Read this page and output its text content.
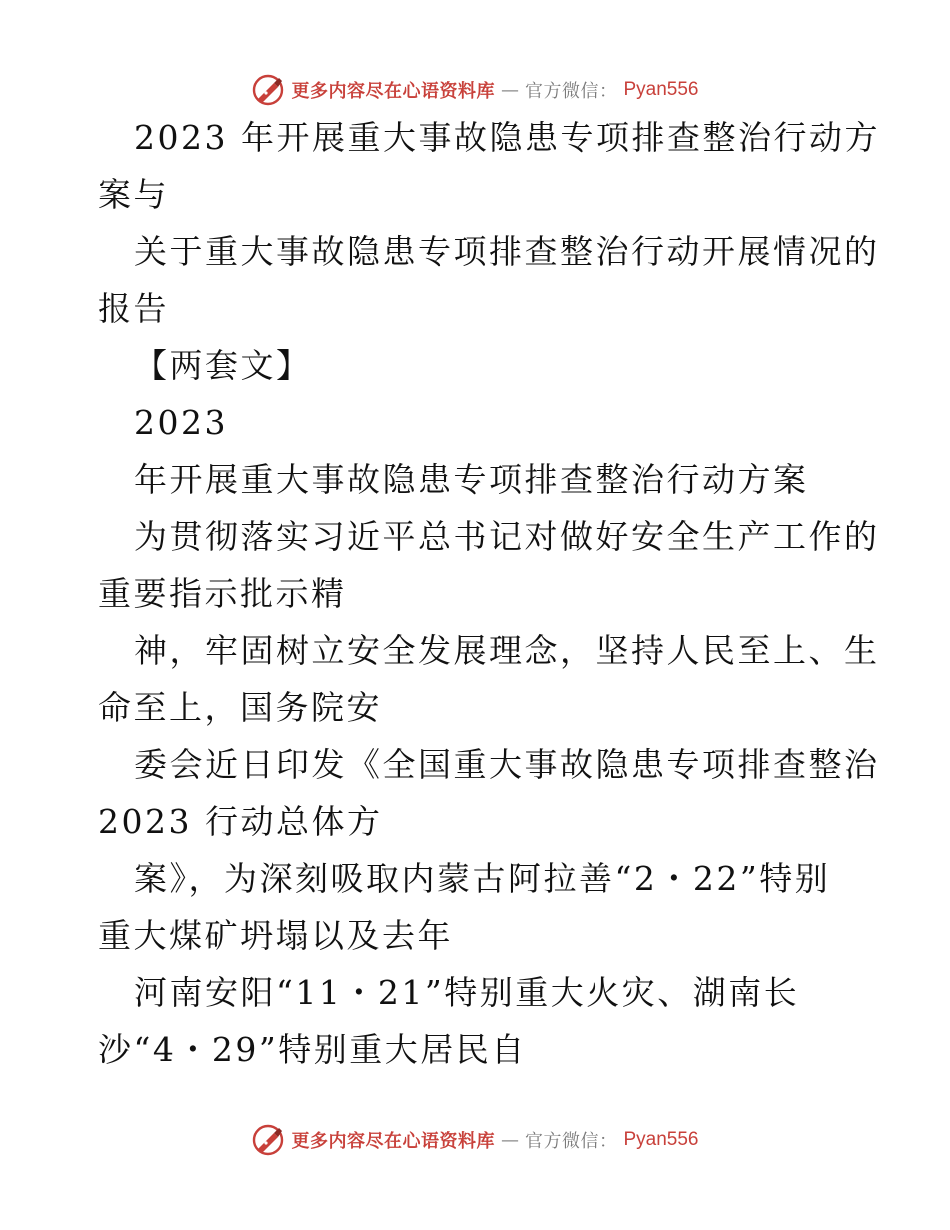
更多内容尽在心语资料库 — 官方微信： Pyan556
2023 年开展重大事故隐患专项排查整治行动方
案与
关于重大事故隐患专项排查整治行动开展情况的
报告
【两套文】
2023
年开展重大事故隐患专项排查整治行动方案
为贯彻落实习近平总书记对做好安全生产工作的
重要指示批示精
神，牢固树立安全发展理念，坚持人民至上、生
命至上，国务院安
委会近日印发《全国重大事故隐患专项排查整治
2023 行动总体方
案》，为深刻吸取内蒙古阿拉善“2・22”特别
重大煤矿坍塌以及去年
河南安阳“11・21”特别重大火灾、湖南长
沙“4・29”特别重大居民自
更多内容尽在心语资料库 — 官方微信： Pyan556
